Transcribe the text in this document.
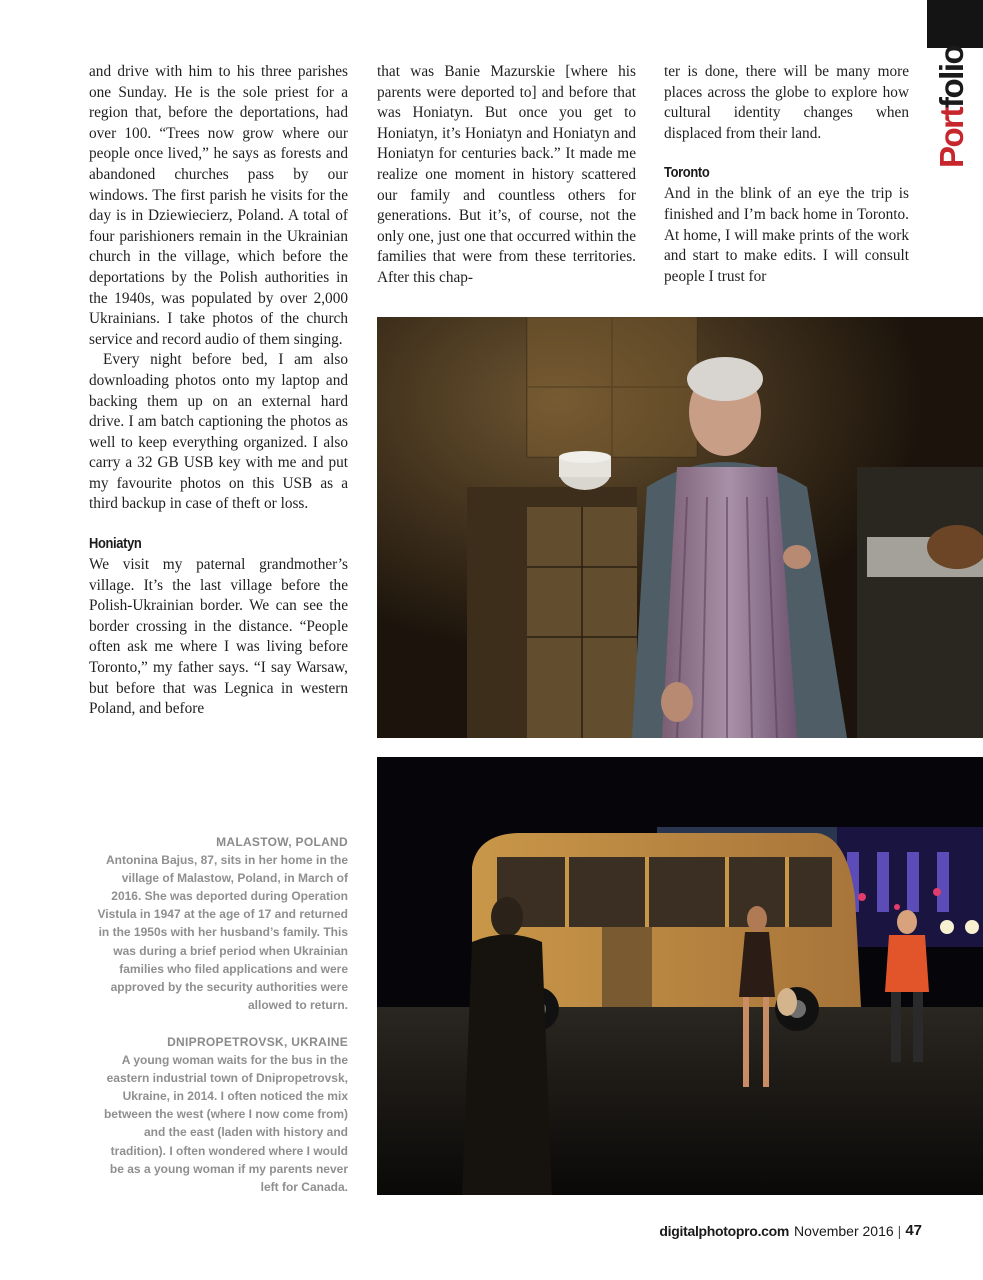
Portfolio

and drive with him to his three parishes one Sunday. He is the sole priest for a region that, before the deportations, had over 100. “Trees now grow where our people once lived,” he says as forests and abandoned churches pass by our windows. The first parish he visits for the day is in Dziewiecierz, Poland. A total of four parishioners remain in the Ukrainian church in the village, which before the deportations by the Polish authorities in the 1940s, was populated by over 2,000 Ukrainians. I take photos of the church service and record audio of them singing.

Every night before bed, I am also downloading photos onto my laptop and backing them up on an external hard drive. I am batch captioning the photos as well to keep everything organized. I also carry a 32 GB USB key with me and put my favourite photos on this USB as a third backup in case of theft or loss.

Honiatyn

We visit my paternal grandmother’s village. It’s the last village before the Polish-Ukrainian border. We can see the border crossing in the distance. “People often ask me where I was living before Toronto,” my father says. “I say Warsaw, but before that was Legnica in western Poland, and before

that was Banie Mazurskie [where his parents were deported to] and before that was Honiatyn. But once you get to Honiatyn, it’s Honiatyn and Honiatyn and Honiatyn for centuries back.” It made me realize one moment in history scattered our family and countless others for generations. But it’s, of course, not the only one, just one that occurred within the families that were from these territories. After this chap-

ter is done, there will be many more places across the globe to explore how cultural identity changes when displaced from their land.

Toronto

And in the blink of an eye the trip is finished and I’m back home in Toronto. At home, I will make prints of the work and start to make edits. I will consult people I trust for

MALASTOW, POLAND
Antonina Bajus, 87, sits in her home in the village of Malastow, Poland, in March of 2016. She was deported during Operation Vistula in 1947 at the age of 17 and returned in the 1950s with her husband’s family. This was during a brief period when Ukrainian families who filed applications and were approved by the security authorities were allowed to return.
DNIPROPETROVSK, UKRAINE
A young woman waits for the bus in the eastern industrial town of Dnipropetrovsk, Ukraine, in 2014. I often noticed the mix between the west (where I now come from) and the east (laden with history and tradition). I often wondered where I would be as a young woman if my parents never left for Canada.
digitalphotopro.com November 2016 | 47
